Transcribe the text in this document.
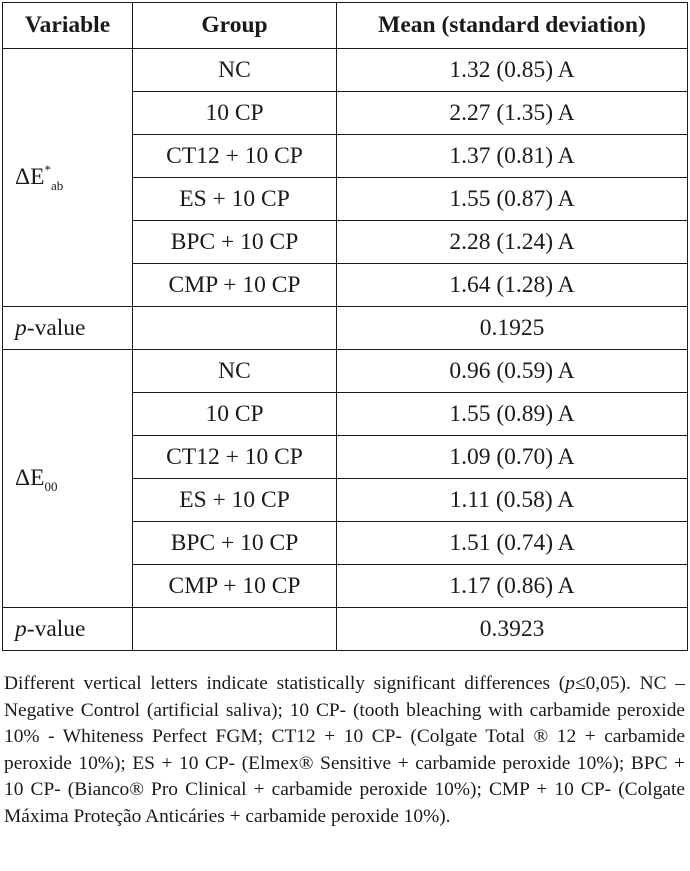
Variable	Group	Mean (standard deviation)
$\Delta E^*_{ab}$	NC	1.32 (0.85) A
	10 CP	2.27 (1.35) A
	CT12 + 10 CP	1.37 (0.81) A
	ES + 10 CP	1.55 (0.87) A
	BPC + 10 CP	2.28 (1.24) A
	CMP + 10 CP	1.64 (1.28) A
p-value		0.1925
$\Delta E_{00}$	NC	0.96 (0.59) A
	10 CP	1.55 (0.89) A
	CT12 + 10 CP	1.09 (0.70) A
	ES + 10 CP	1.11 (0.58) A
	BPC + 10 CP	1.51 (0.74) A
	CMP + 10 CP	1.17 (0.86) A
p-value		0.3923

Different vertical letters indicate statistically significant differences (p≤0,05). NC – Negative Control (artificial saliva); 10 CP- (tooth bleaching with carbamide peroxide 10% - Whiteness Perfect FGM; CT12 + 10 CP- (Colgate Total ® 12 + carbamide peroxide 10%); ES + 10 CP- (Elmex® Sensitive + carbamide peroxide 10%); BPC + 10 CP- (Bianco® Pro Clinical + carbamide peroxide 10%); CMP + 10 CP- (Colgate Máxima Proteção Anticáries + carbamide peroxide 10%).
